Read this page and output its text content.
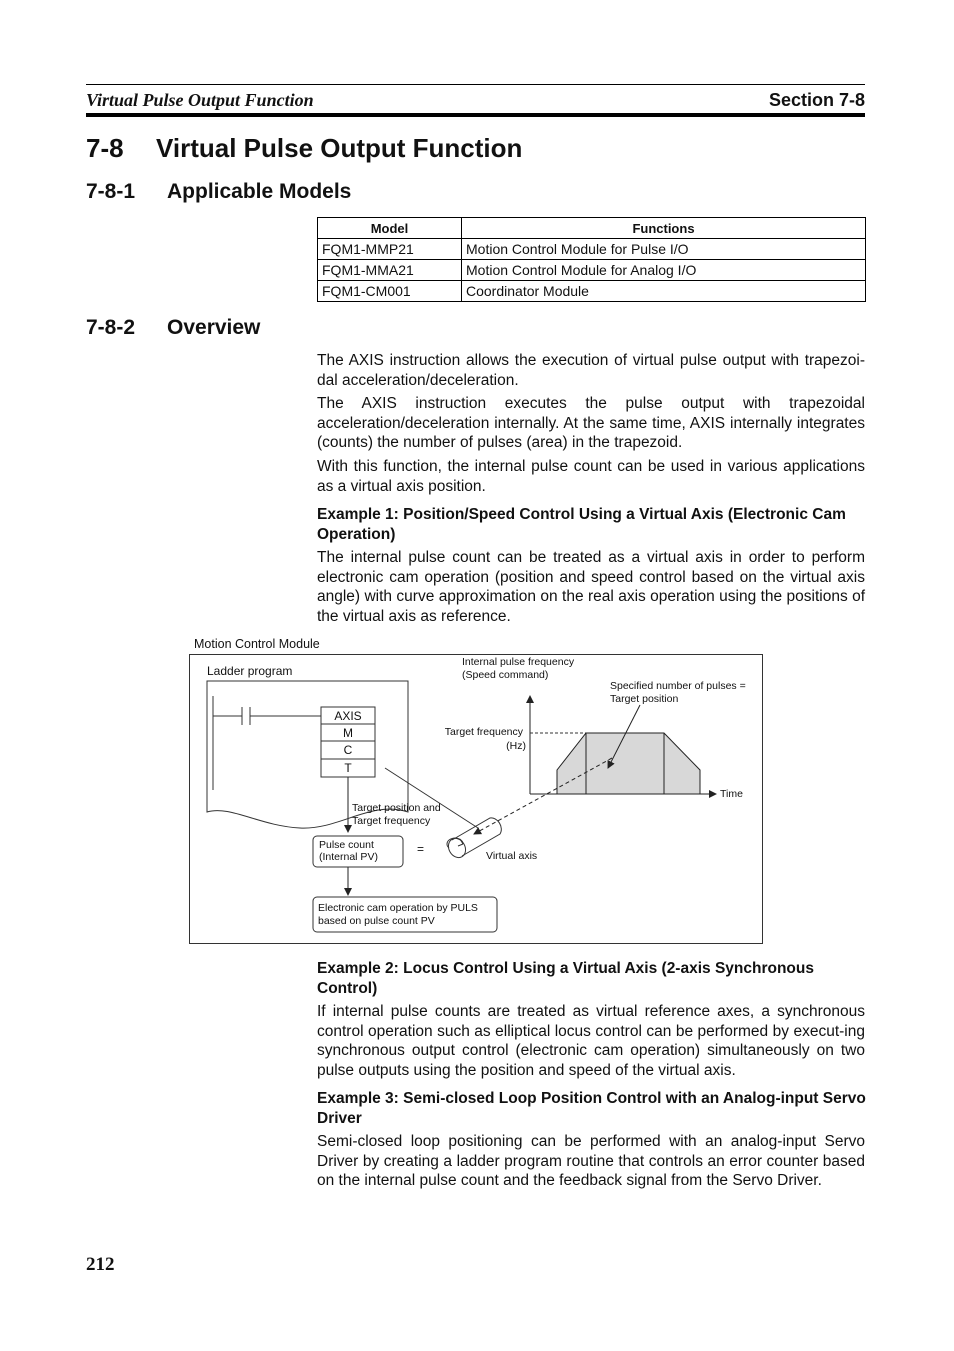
Virtual Pulse Output Function	Section 7-8
7-8 Virtual Pulse Output Function
7-8-1 Applicable Models
Model	Functions
FQM1-MMP21	Motion Control Module for Pulse I/O
FQM1-MMA21	Motion Control Module for Analog I/O
FQM1-CM001	Coordinator Module
7-8-2 Overview
The AXIS instruction allows the execution of virtual pulse output with trapezoi-dal acceleration/deceleration.
The AXIS instruction executes the pulse output with trapezoidal acceleration/deceleration internally. At the same time, AXIS internally integrates (counts) the number of pulses (area) in the trapezoid.
With this function, the internal pulse count can be used in various applications as a virtual axis position.
Example 1: Position/Speed Control Using a Virtual Axis (Electronic Cam Operation)
The internal pulse count can be treated as a virtual axis in order to perform electronic cam operation (position and speed control based on the virtual axis angle) with curve approximation on the real axis operation using the positions of the virtual axis as reference.
Motion Control Module
Ladder program
AXIS
M
C
T
Target position and
Target frequency
Pulse count
(Internal PV)
Electronic cam operation by PULS
based on pulse count PV
=	Virtual axis
Internal pulse frequency
(Speed command)
Time
Target frequency
(Hz)
Specified number of pulses =
Target position
Example 2: Locus Control Using a Virtual Axis (2-axis Synchronous Control)
If internal pulse counts are treated as virtual reference axes, a synchronous control operation such as elliptical locus control can be performed by execut-ing synchronous output control (electronic cam operation) simultaneously on two pulse outputs using the position and speed of the virtual axis.
Example 3: Semi-closed Loop Position Control with an Analog-input Servo Driver
Semi-closed loop positioning can be performed with an analog-input Servo Driver by creating a ladder program routine that controls an error counter based on the internal pulse count and the feedback signal from the Servo Driver.
212
